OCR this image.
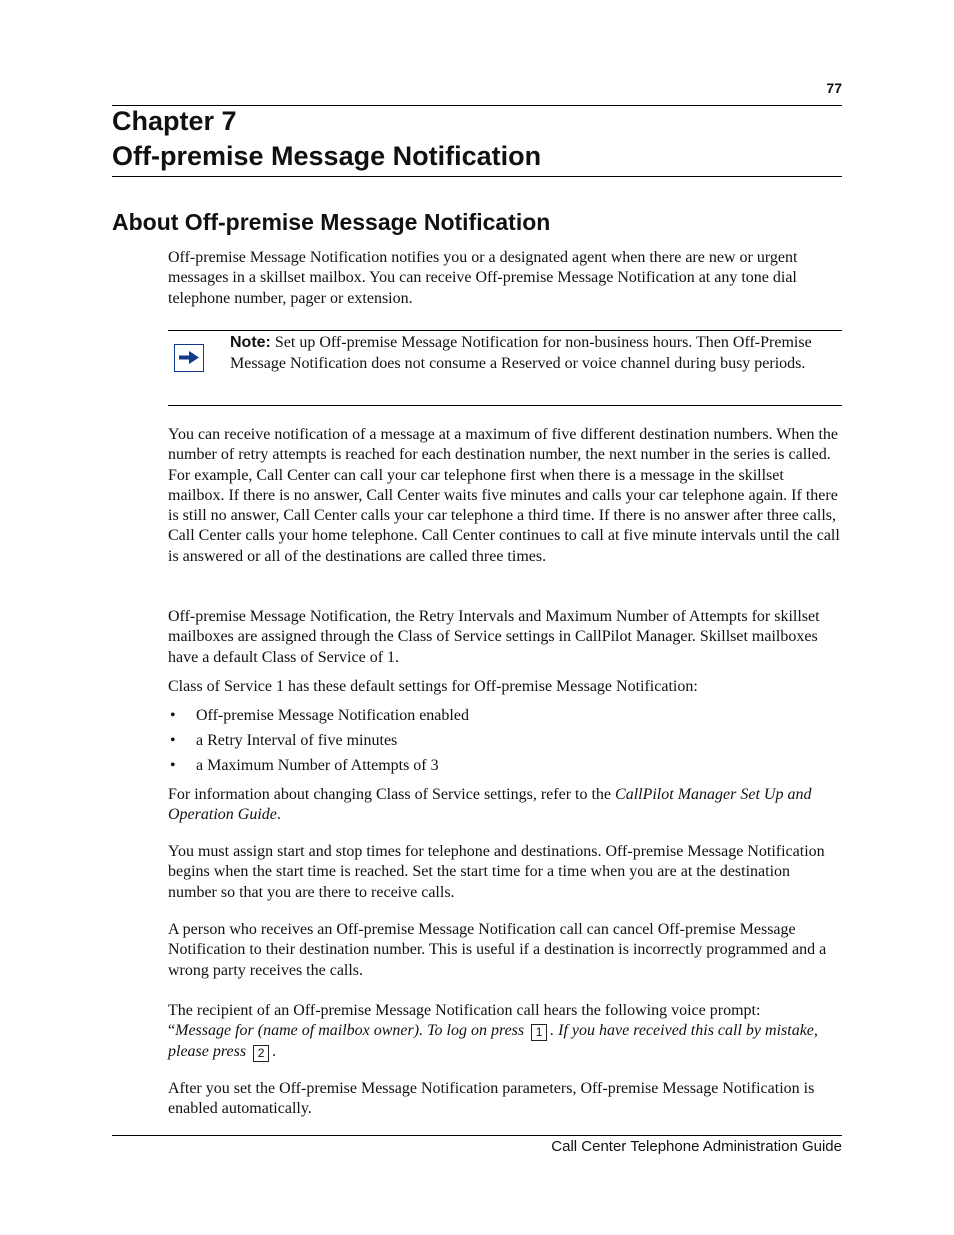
77
Chapter 7
Off-premise Message Notification
About Off-premise Message Notification

Off-premise Message Notification notifies you or a designated agent when there are new or urgent messages in a skillset mailbox. You can receive Off-premise Message Notification at any tone dial telephone number, pager or extension.

Note: Set up Off-premise Message Notification for non-business hours. Then Off-Premise Message Notification does not consume a Reserved or voice channel during busy periods.

You can receive notification of a message at a maximum of five different destination numbers. When the number of retry attempts is reached for each destination number, the next number in the series is called. For example, Call Center can call your car telephone first when there is a message in the skillset mailbox. If there is no answer, Call Center waits five minutes and calls your car telephone again. If there is still no answer, Call Center calls your car telephone a third time. If there is no answer after three calls, Call Center calls your home telephone. Call Center continues to call at five minute intervals until the call is answered or all of the destinations are called three times.

Off-premise Message Notification, the Retry Intervals and Maximum Number of Attempts for skillset mailboxes are assigned through the Class of Service settings in CallPilot Manager. Skillset mailboxes have a default Class of Service of 1.

Class of Service 1 has these default settings for Off-premise Message Notification:

• Off-premise Message Notification enabled
• a Retry Interval of five minutes
• a Maximum Number of Attempts of 3

For information about changing Class of Service settings, refer to the CallPilot Manager Set Up and Operation Guide.

You must assign start and stop times for telephone and destinations. Off-premise Message Notification begins when the start time is reached. Set the start time for a time when you are at the destination number so that you are there to receive calls.

A person who receives an Off-premise Message Notification call can cancel Off-premise Message Notification to their destination number. This is useful if a destination is incorrectly programmed and a wrong party receives the calls.

The recipient of an Off-premise Message Notification call hears the following voice prompt:
“Message for (name of mailbox owner). To log on press 1 . If you have received this call by mistake, please press 2 .

After you set the Off-premise Message Notification parameters, Off-premise Message Notification is enabled automatically.

Call Center Telephone Administration Guide
